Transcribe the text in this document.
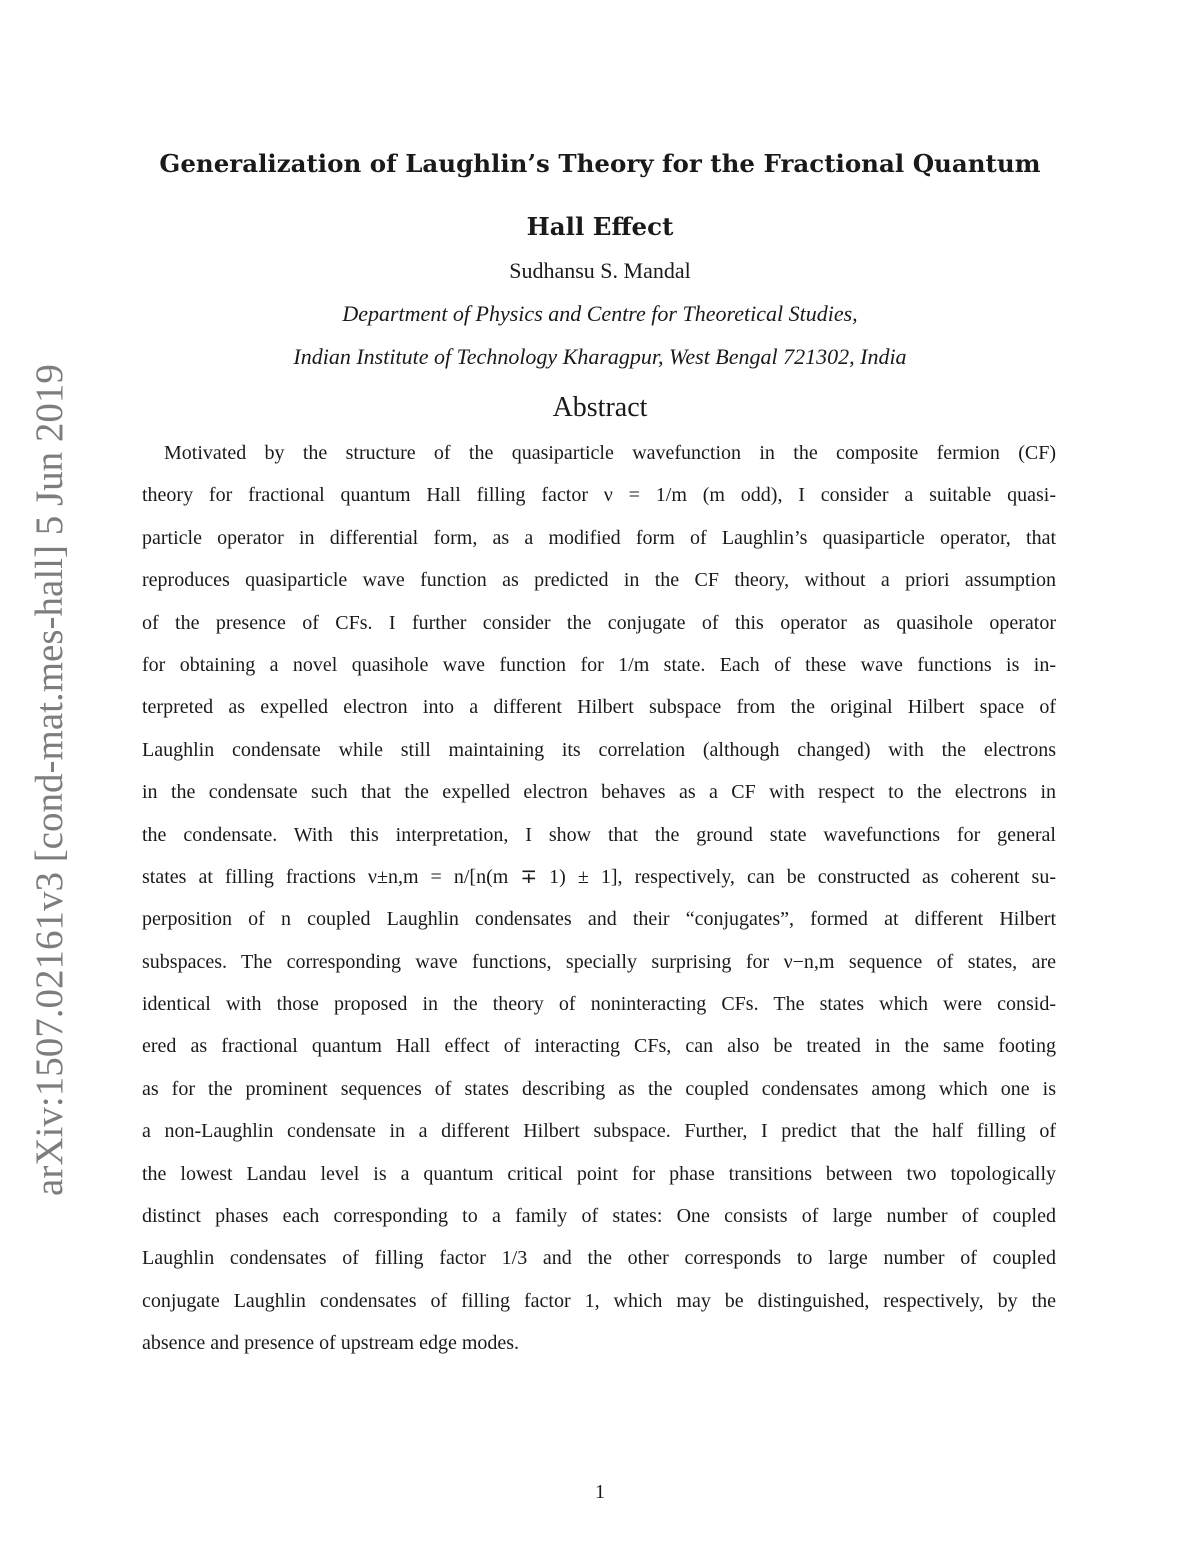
arXiv:1507.02161v3 [cond-mat.mes-hall] 5 Jun 2019
Generalization of Laughlin’s Theory for the Fractional Quantum
Hall Effect
Sudhansu S. Mandal
Department of Physics and Centre for Theoretical Studies,
Indian Institute of Technology Kharagpur, West Bengal 721302, India
Abstract
Motivated by the structure of the quasiparticle wavefunction in the composite fermion (CF)
theory for fractional quantum Hall filling factor ν = 1/m (m odd), I consider a suitable quasi-
particle operator in differential form, as a modified form of Laughlin’s quasiparticle operator, that
reproduces quasiparticle wave function as predicted in the CF theory, without a priori assumption
of the presence of CFs. I further consider the conjugate of this operator as quasihole operator
for obtaining a novel quasihole wave function for 1/m state. Each of these wave functions is in-
terpreted as expelled electron into a different Hilbert subspace from the original Hilbert space of
Laughlin condensate while still maintaining its correlation (although changed) with the electrons
in the condensate such that the expelled electron behaves as a CF with respect to the electrons in
the condensate. With this interpretation, I show that the ground state wavefunctions for general
states at filling fractions ν±n,m = n/[n(m ∓ 1) ± 1], respectively, can be constructed as coherent su-
perposition of n coupled Laughlin condensates and their “conjugates”, formed at different Hilbert
subspaces. The corresponding wave functions, specially surprising for ν−n,m sequence of states, are
identical with those proposed in the theory of noninteracting CFs. The states which were consid-
ered as fractional quantum Hall effect of interacting CFs, can also be treated in the same footing
as for the prominent sequences of states describing as the coupled condensates among which one is
a non-Laughlin condensate in a different Hilbert subspace. Further, I predict that the half filling of
the lowest Landau level is a quantum critical point for phase transitions between two topologically
distinct phases each corresponding to a family of states: One consists of large number of coupled
Laughlin condensates of filling factor 1/3 and the other corresponds to large number of coupled
conjugate Laughlin condensates of filling factor 1, which may be distinguished, respectively, by the
absence and presence of upstream edge modes.
1
